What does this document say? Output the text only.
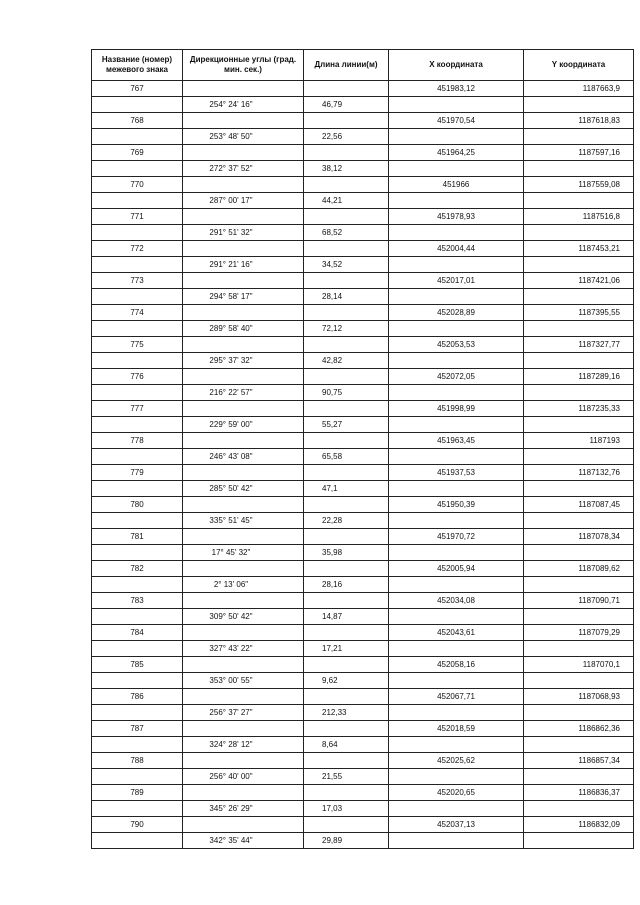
Название (номер) межевого знака	Дирекционные углы (град. мин. сек.)	Длина линии(м)	X координата	Y координата
767			451983,12	1187663,9
	254° 24' 16"	46,79		
768			451970,54	1187618,83
	253° 48' 50"	22,56		
769			451964,25	1187597,16
	272° 37' 52"	38,12		
770			451966	1187559,08
	287° 00' 17"	44,21		
771			451978,93	1187516,8
	291° 51' 32"	68,52		
772			452004,44	1187453,21
	291° 21' 16"	34,52		
773			452017,01	1187421,06
	294° 58' 17"	28,14		
774			452028,89	1187395,55
	289° 58' 40"	72,12		
775			452053,53	1187327,77
	295° 37' 32"	42,82		
776			452072,05	1187289,16
	216° 22' 57"	90,75		
777			451998,99	1187235,33
	229° 59' 00"	55,27		
778			451963,45	1187193
	246° 43' 08"	65,58		
779			451937,53	1187132,76
	285° 50' 42"	47,1		
780			451950,39	1187087,45
	335° 51' 45"	22,28		
781			451970,72	1187078,34
	17° 45' 32"	35,98		
782			452005,94	1187089,62
	2° 13' 06"	28,16		
783			452034,08	1187090,71
	309° 50' 42"	14,87		
784			452043,61	1187079,29
	327° 43' 22"	17,21		
785			452058,16	1187070,1
	353° 00' 55"	9,62		
786			452067,71	1187068,93
	256° 37' 27"	212,33		
787			452018,59	1186862,36
	324° 28' 12"	8,64		
788			452025,62	1186857,34
	256° 40' 00"	21,55		
789			452020,65	1186836,37
	345° 26' 29"	17,03		
790			452037,13	1186832,09
	342° 35' 44"	29,89		
